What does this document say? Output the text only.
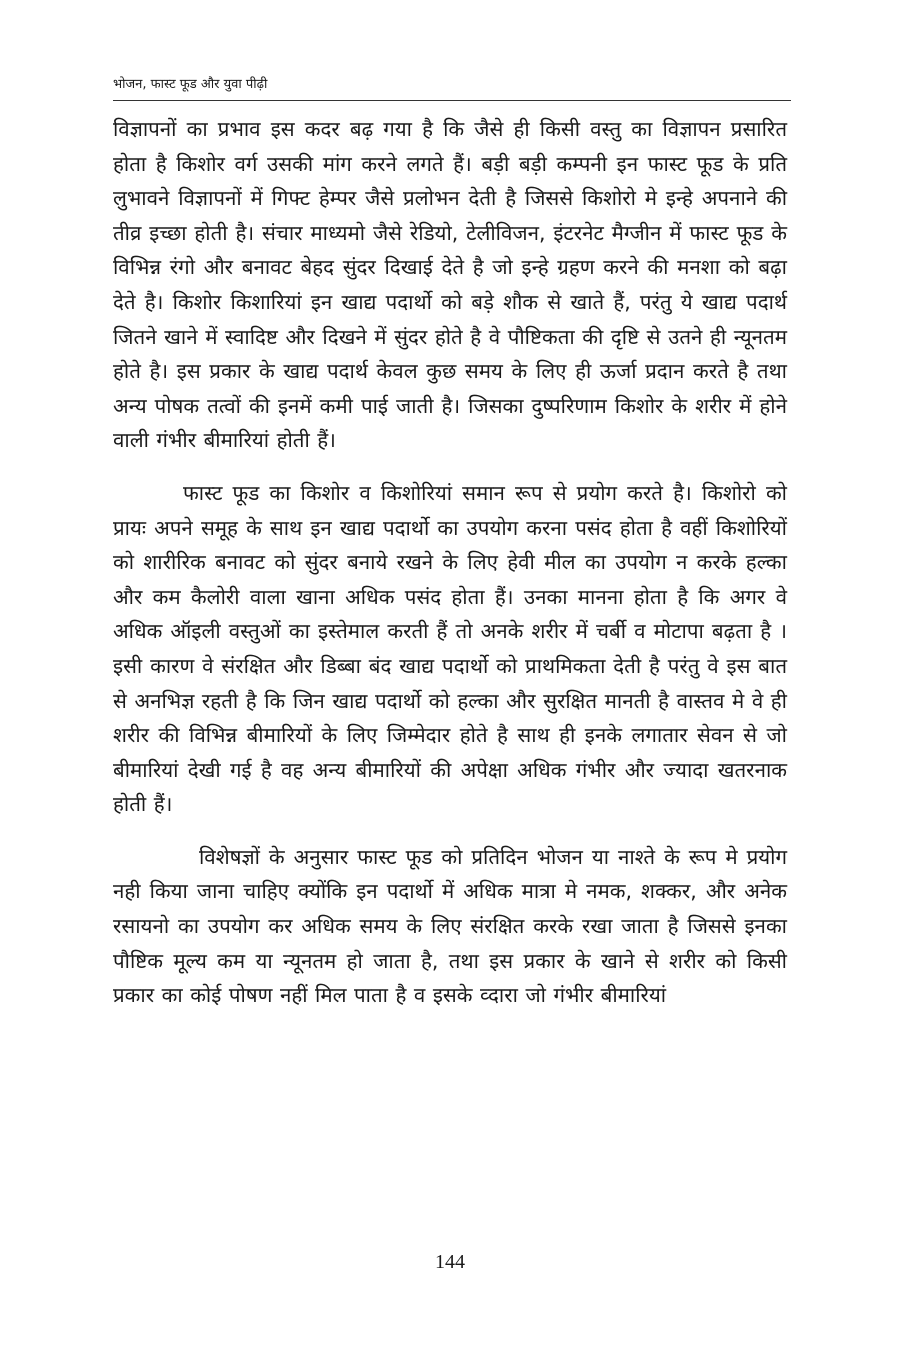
भोजन, फास्ट फूड और युवा पीढ़ी

विज्ञापनों का प्रभाव इस कदर बढ़ गया है कि जैसे ही किसी वस्तु का विज्ञापन प्रसारित होता है किशोर वर्ग उसकी मांग करने लगते हैं। बड़ी बड़ी कम्पनी इन फास्ट फूड के प्रति लुभावने विज्ञापनों में गिफ्ट हेम्पर जैसे प्रलोभन देती है जिससे किशोरो मे इन्हे अपनाने की तीव्र इच्छा होती है। संचार माध्यमो जैसे रेडियो, टेलीविजन, इंटरनेट मैग्जीन में फास्ट फूड के विभिन्न रंगो और बनावट बेहद सुंदर दिखाई देते है जो इन्हे ग्रहण करने की मनशा को बढ़ा देते है। किशोर किशारियां इन खाद्य पदार्थो को बड़े शौक से खाते हैं, परंतु ये खाद्य पदार्थ जितने खाने में स्वादिष्ट और दिखने में सुंदर होते है वे पौष्टिकता की दृष्टि से उतने ही न्यूनतम होते है। इस प्रकार के खाद्य पदार्थ केवल कुछ समय के लिए ही ऊर्जा प्रदान करते है तथा अन्य पोषक तत्वों की इनमें कमी पाई जाती है। जिसका दुष्परिणाम किशोर के शरीर में होने वाली गंभीर बीमारियां होती हैं।

फास्ट फूड का किशोर व किशोरियां समान रूप से प्रयोग करते है। किशोरो को प्रायः अपने समूह के साथ इन खाद्य पदार्थो का उपयोग करना पसंद होता है वहीं किशोरियों को शारीरिक बनावट को सुंदर बनाये रखने के लिए हेवी मील का उपयोग न करके हल्का और कम कैलोरी वाला खाना अधिक पसंद होता हैं। उनका मानना होता है कि अगर वे अधिक ऑइली वस्तुओं का इस्तेमाल करती हैं तो अनके शरीर में चर्बी व मोटापा बढ़ता है । इसी कारण वे संरक्षित और डिब्बा बंद खाद्य पदार्थो को प्राथमिकता देती है परंतु वे इस बात से अनभिज्ञ रहती है कि जिन खाद्य पदार्थो को हल्का और सुरक्षित मानती है वास्तव मे वे ही शरीर की विभिन्न बीमारियों के लिए जिम्मेदार होते है साथ ही इनके लगातार सेवन से जो बीमारियां देखी गई है वह अन्य बीमारियों की अपेक्षा अधिक गंभीर और ज्यादा खतरनाक होती हैं।

विशेषज्ञों के अनुसार फास्ट फूड को प्रतिदिन भोजन या नाश्ते के रूप मे प्रयोग नही किया जाना चाहिए क्योंकि इन पदार्थो में अधिक मात्रा मे नमक, शक्कर, और अनेक रसायनो का उपयोग कर अधिक समय के लिए संरक्षित करके रखा जाता है जिससे इनका पौष्टिक मूल्य कम या न्यूनतम हो जाता है, तथा इस प्रकार के खाने से शरीर को किसी प्रकार का कोई पोषण नहीं मिल पाता है व इसके व्दारा जो गंभीर बीमारियां

144
